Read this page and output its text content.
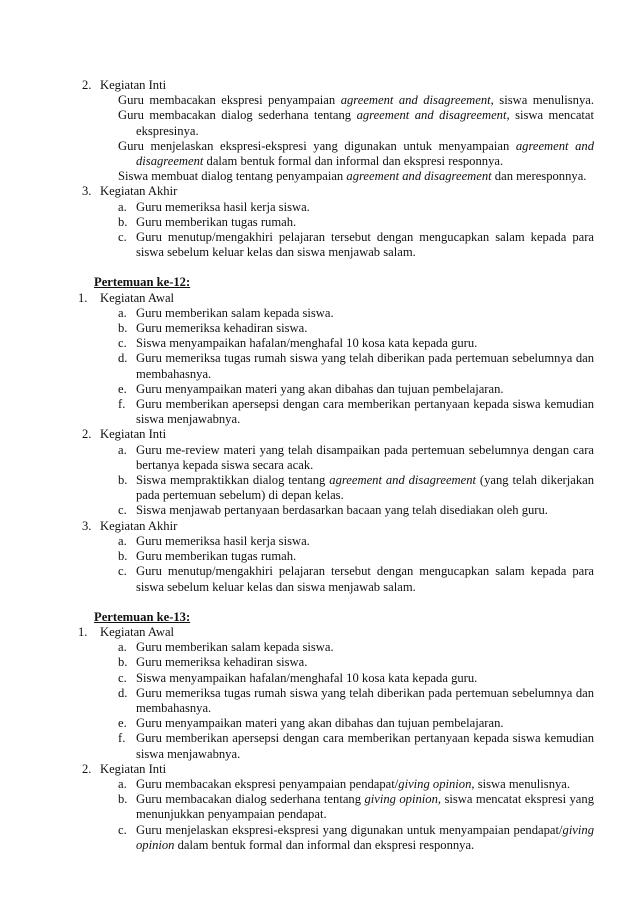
2. Kegiatan Inti
Guru membacakan ekspresi penyampaian agreement and disagreement, siswa menulisnya.
Guru membacakan dialog sederhana tentang agreement and disagreement, siswa mencatat ekspresinya.
Guru menjelaskan ekspresi-ekspresi yang digunakan untuk menyampaian agreement and disagreement dalam bentuk formal dan informal dan ekspresi responnya.
Siswa membuat dialog tentang penyampaian agreement and disagreement dan meresponnya.
3. Kegiatan Akhir
a. Guru memeriksa hasil kerja siswa.
b. Guru memberikan tugas rumah.
c. Guru menutup/mengakhiri pelajaran tersebut dengan mengucapkan salam kepada para siswa sebelum keluar kelas dan siswa menjawab salam.
Pertemuan ke-12:
1. Kegiatan Awal
a. Guru memberikan salam kepada siswa.
b. Guru memeriksa kehadiran siswa.
c. Siswa menyampaikan hafalan/menghafal 10 kosa kata kepada guru.
d. Guru memeriksa tugas rumah siswa yang telah diberikan pada pertemuan sebelumnya dan membahasnya.
e. Guru menyampaikan materi yang akan dibahas dan tujuan pembelajaran.
f. Guru memberikan apersepsi dengan cara memberikan pertanyaan kepada siswa kemudian siswa menjawabnya.
2. Kegiatan Inti
a. Guru me-review materi yang telah disampaikan pada pertemuan sebelumnya dengan cara bertanya kepada siswa secara acak.
b. Siswa mempraktikkan dialog tentang agreement and disagreement (yang telah dikerjakan pada pertemuan sebelum) di depan kelas.
c. Siswa menjawab pertanyaan berdasarkan bacaan yang telah disediakan oleh guru.
3. Kegiatan Akhir
a. Guru memeriksa hasil kerja siswa.
b. Guru memberikan tugas rumah.
c. Guru menutup/mengakhiri pelajaran tersebut dengan mengucapkan salam kepada para siswa sebelum keluar kelas dan siswa menjawab salam.
Pertemuan ke-13:
1. Kegiatan Awal
a. Guru memberikan salam kepada siswa.
b. Guru memeriksa kehadiran siswa.
c. Siswa menyampaikan hafalan/menghafal 10 kosa kata kepada guru.
d. Guru memeriksa tugas rumah siswa yang telah diberikan pada pertemuan sebelumnya dan membahasnya.
e. Guru menyampaikan materi yang akan dibahas dan tujuan pembelajaran.
f. Guru memberikan apersepsi dengan cara memberikan pertanyaan kepada siswa kemudian siswa menjawabnya.
2. Kegiatan Inti
a. Guru membacakan ekspresi penyampaian pendapat/giving opinion, siswa menulisnya.
b. Guru membacakan dialog sederhana tentang giving opinion, siswa mencatat ekspresi yang menunjukkan penyampaian pendapat.
c. Guru menjelaskan ekspresi-ekspresi yang digunakan untuk menyampaian pendapat/giving opinion dalam bentuk formal dan informal dan ekspresi responnya.
